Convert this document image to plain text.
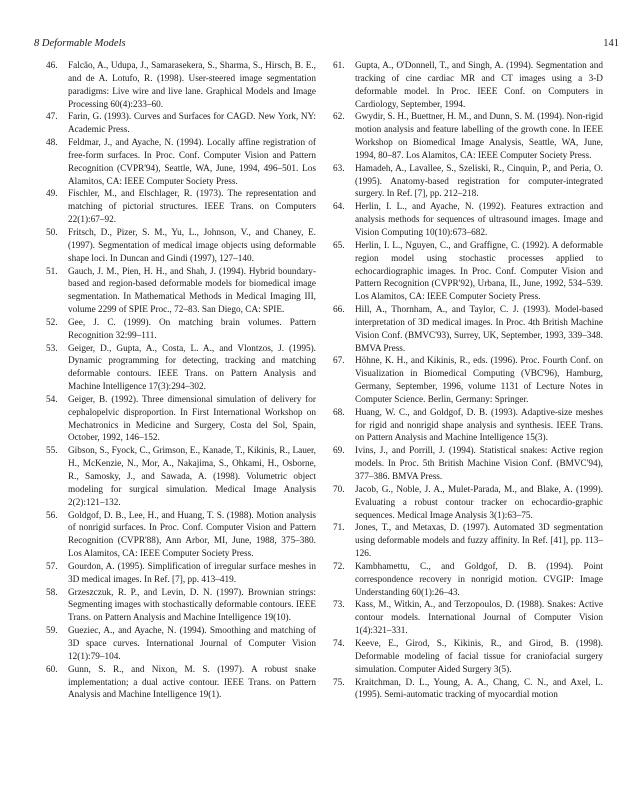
8 Deformable Models	141
46.	Falcão, A., Udupa, J., Samarasekera, S., Sharma, S., Hirsch, B. E., and de A. Lotufo, R. (1998). User-steered image segmentation paradigms: Live wire and live lane. Graphical Models and Image Processing 60(4):233–60.
47.	Farin, G. (1993). Curves and Surfaces for CAGD. New York, NY: Academic Press.
48.	Feldmar, J., and Ayache, N. (1994). Locally affine registration of free-form surfaces. In Proc. Conf. Computer Vision and Pattern Recognition (CVPR'94), Seattle, WA, June, 1994, 496–501. Los Alamitos, CA: IEEE Computer Society Press.
49.	Fischler, M., and Elschlager, R. (1973). The representation and matching of pictorial structures. IEEE Trans. on Computers 22(1):67–92.
50.	Fritsch, D., Pizer, S. M., Yu, L., Johnson, V., and Chaney, E. (1997). Segmentation of medical image objects using deformable shape loci. In Duncan and Gindi (1997), 127–140.
51.	Gauch, J. M., Pien, H. H., and Shah, J. (1994). Hybrid boundary-based and region-based deformable models for biomedical image segmentation. In Mathematical Methods in Medical Imaging III, volume 2299 of SPIE Proc., 72–83. San Diego, CA: SPIE.
52.	Gee, J. C. (1999). On matching brain volumes. Pattern Recognition 32:99–111.
53.	Geiger, D., Gupta, A., Costa, L. A., and Vlontzos, J. (1995). Dynamic programming for detecting, tracking and matching deformable contours. IEEE Trans. on Pattern Analysis and Machine Intelligence 17(3):294–302.
54.	Geiger, B. (1992). Three dimensional simulation of delivery for cephalopelvic disproportion. In First International Workshop on Mechatronics in Medicine and Surgery, Costa del Sol, Spain, October, 1992, 146–152.
55.	Gibson, S., Fyock, C., Grimson, E., Kanade, T., Kikinis, R., Lauer, H., McKenzie, N., Mor, A., Nakajima, S., Ohkami, H., Osborne, R., Samosky, J., and Sawada, A. (1998). Volumetric object modeling for surgical simulation. Medical Image Analysis 2(2):121–132.
56.	Goldgof, D. B., Lee, H., and Huang, T. S. (1988). Motion analysis of nonrigid surfaces. In Proc. Conf. Computer Vision and Pattern Recognition (CVPR'88), Ann Arbor, MI, June, 1988, 375–380. Los Alamitos, CA: IEEE Computer Society Press.
57.	Gourdon, A. (1995). Simplification of irregular surface meshes in 3D medical images. In Ref. [7], pp. 413–419.
58.	Grzeszczuk, R. P., and Levin, D. N. (1997). Brownian strings: Segmenting images with stochastically deformable contours. IEEE Trans. on Pattern Analysis and Machine Intelligence 19(10).
59.	Gueziec, A., and Ayache, N. (1994). Smoothing and matching of 3D space curves. International Journal of Computer Vision 12(1):79–104.
60.	Gunn, S. R., and Nixon, M. S. (1997). A robust snake implementation; a dual active contour. IEEE Trans. on Pattern Analysis and Machine Intelligence 19(1).
61.	Gupta, A., O'Donnell, T., and Singh, A. (1994). Segmentation and tracking of cine cardiac MR and CT images using a 3-D deformable model. In Proc. IEEE Conf. on Computers in Cardiology, September, 1994.
62.	Gwydir, S. H., Buettner, H. M., and Dunn, S. M. (1994). Non-rigid motion analysis and feature labelling of the growth cone. In IEEE Workshop on Biomedical Image Analysis, Seattle, WA, June, 1994, 80–87. Los Alamitos, CA: IEEE Computer Society Press.
63.	Hamadeh, A., Lavallee, S., Szeliski, R., Cinquin, P., and Peria, O. (1995). Anatomy-based registration for computer-integrated surgery. In Ref. [7], pp. 212–218.
64.	Herlin, I. L., and Ayache, N. (1992). Features extraction and analysis methods for sequences of ultrasound images. Image and Vision Computing 10(10):673–682.
65.	Herlin, I. L., Nguyen, C., and Graffigne, C. (1992). A deformable region model using stochastic processes applied to echocardiographic images. In Proc. Conf. Computer Vision and Pattern Recognition (CVPR'92), Urbana, IL, June, 1992, 534–539. Los Alamitos, CA: IEEE Computer Society Press.
66.	Hill, A., Thornham, A., and Taylor, C. J. (1993). Model-based interpretation of 3D medical images. In Proc. 4th British Machine Vision Conf. (BMVC'93), Surrey, UK, September, 1993, 339–348. BMVA Press.
67.	Höhne, K. H., and Kikinis, R., eds. (1996). Proc. Fourth Conf. on Visualization in Biomedical Computing (VBC'96), Hamburg, Germany, September, 1996, volume 1131 of Lecture Notes in Computer Science. Berlin, Germany: Springer.
68.	Huang, W. C., and Goldgof, D. B. (1993). Adaptive-size meshes for rigid and nonrigid shape analysis and synthesis. IEEE Trans. on Pattern Analysis and Machine Intelligence 15(3).
69.	Ivins, J., and Porrill, J. (1994). Statistical snakes: Active region models. In Proc. 5th British Machine Vision Conf. (BMVC'94), 377–386. BMVA Press.
70.	Jacob, G., Noble, J. A., Mulet-Parada, M., and Blake, A. (1999). Evaluating a robust contour tracker on echocardio-graphic sequences. Medical Image Analysis 3(1):63–75.
71.	Jones, T., and Metaxas, D. (1997). Automated 3D segmentation using deformable models and fuzzy affinity. In Ref. [41], pp. 113–126.
72.	Kambhamettu, C., and Goldgof, D. B. (1994). Point correspondence recovery in nonrigid motion. CVGIP: Image Understanding 60(1):26–43.
73.	Kass, M., Witkin, A., and Terzopoulos, D. (1988). Snakes: Active contour models. International Journal of Computer Vision 1(4):321–331.
74.	Keeve, E., Girod, S., Kikinis, R., and Girod, B. (1998). Deformable modeling of facial tissue for craniofacial surgery simulation. Computer Aided Surgery 3(5).
75.	Kraitchman, D. L., Young, A. A., Chang, C. N., and Axel, L. (1995). Semi-automatic tracking of myocardial motion
